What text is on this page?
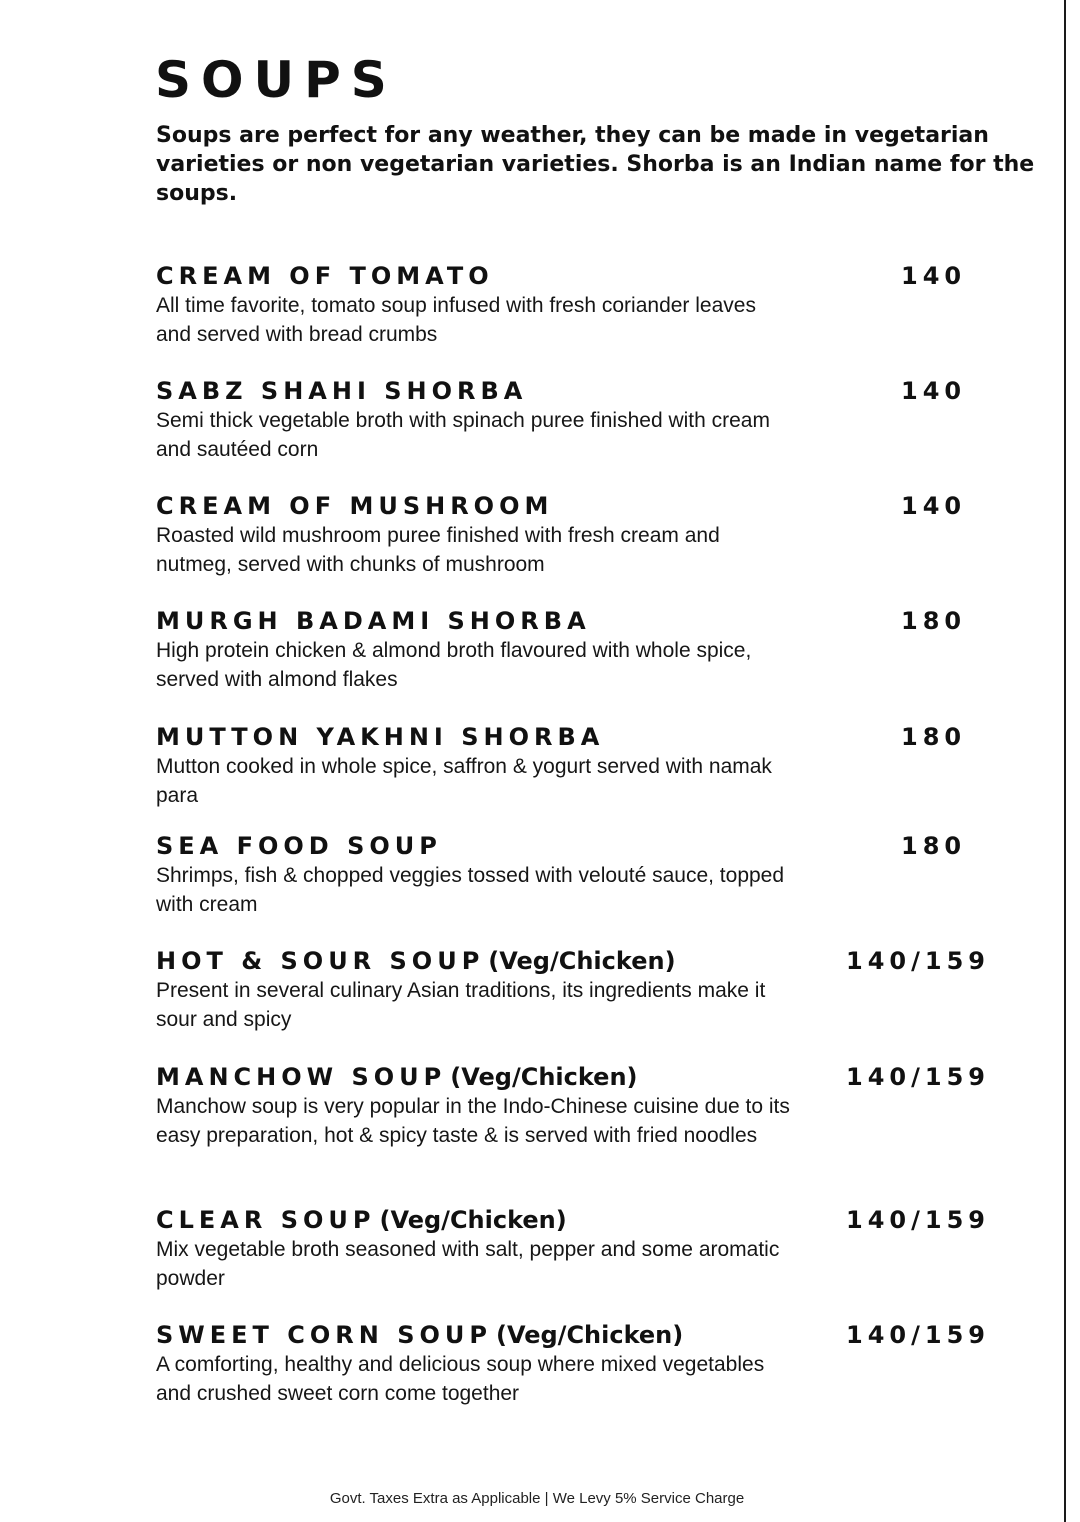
SOUPS

Soups are perfect for any weather, they can be made in vegetarian varieties or non vegetarian varieties. Shorba is an Indian name for the soups.

CREAM OF TOMATO	140
All time favorite, tomato soup infused with fresh coriander leaves and served with bread crumbs
SABZ SHAHI SHORBA	140
Semi thick vegetable broth with spinach puree finished with cream and sautéed corn
CREAM OF MUSHROOM	140
Roasted wild mushroom puree finished with fresh cream and nutmeg, served with chunks of mushroom
MURGH BADAMI SHORBA	180
High protein chicken & almond broth flavoured with whole spice, served with almond flakes
MUTTON YAKHNI SHORBA	180
Mutton cooked in whole spice, saffron & yogurt served with namak para
SEA FOOD SOUP	180
Shrimps, fish & chopped veggies tossed with velouté sauce, topped with cream
HOT & SOUR SOUP (Veg/Chicken)	140/159
Present in several culinary Asian traditions, its ingredients make it sour and spicy
MANCHOW SOUP (Veg/Chicken)	140/159
Manchow soup is very popular in the Indo-Chinese cuisine due to its easy preparation, hot & spicy taste & is served with fried noodles
CLEAR SOUP (Veg/Chicken)	140/159
Mix vegetable broth seasoned with salt, pepper and some aromatic powder
SWEET CORN SOUP (Veg/Chicken)	140/159
A comforting, healthy and delicious soup where mixed vegetables and crushed sweet corn come together
Govt. Taxes Extra as Applicable | We Levy 5% Service Charge
